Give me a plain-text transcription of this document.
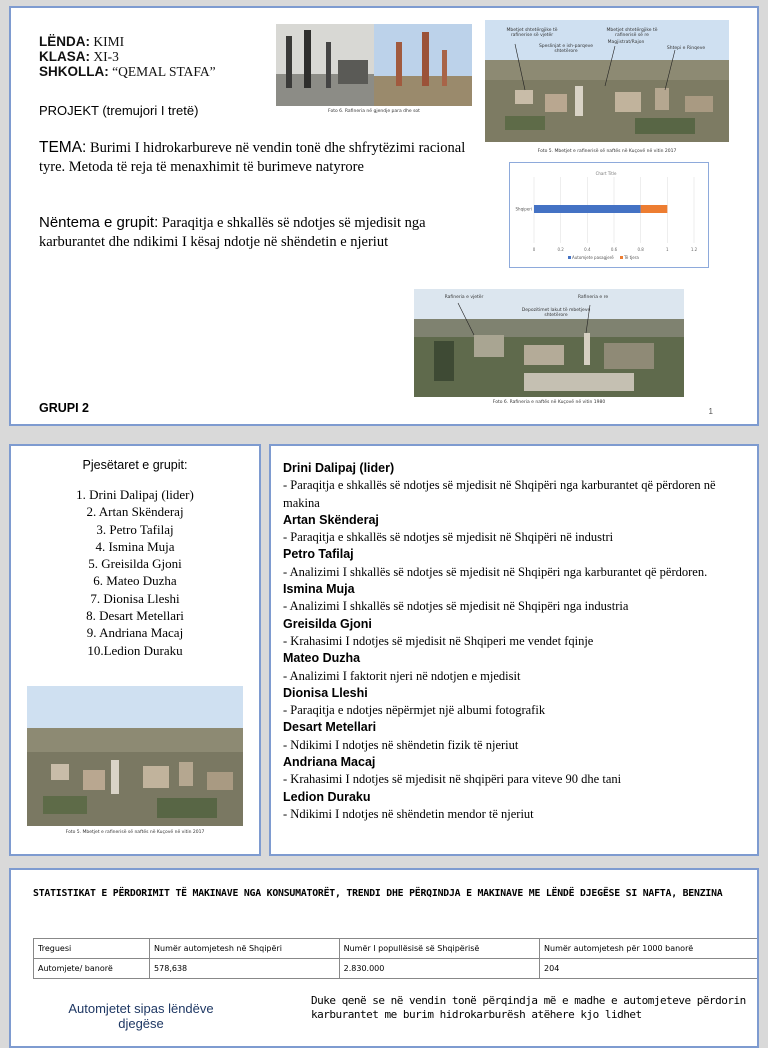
LËNDA: KIMI
KLASA: XI-3
SHKOLLA: “QEMAL STAFA”
PROJEKT (tremujori I tretë)
TEMA: Burimi I hidrokarbureve në vendin tonë dhe shfrytëzimi racional tyre. Metoda të reja të menaxhimit të burimeve natyrore
Nëntema e grupit: Paraqitja e shkallës së ndotjes së mjedisit nga karburantet dhe ndikimi I kësaj ndotje në shëndetin e njeriut
GRUPI 2	1
Foto 6. Rafineria në gjendje para dhe sot
Mbetjet shtetërgjike të rafinerise së vjetër
Mbetjet shtetërgjike të rafinerisë së re
Speslinjat e ish-parqeve shtetërore
Magjistrat/Rajon
Shtepi e Rinqeve
Foto 5. Mbetjet e rafinerisë së naftës në Kuçovë në vitin 2017
Chart Title
0	0.2	0.4	0.6	0.8	1	1.2
Shqiperi
Automjete pasagjerë	Të tjera
Rafineria e vjetër	Rafineria e re
Depozitimet lakut të mbetjeve shtetërore
Foto 6. Rafineria e naftës në Kuçovë në vitin 1980
Pjesëtaret e grupit:
1. Drini Dalipaj (lider)
2. Artan Skënderaj
3. Petro Tafilaj
4. Ismina Muja
5. Greisilda Gjoni
6. Mateo Duzha
7. Dionisa Lleshi
8. Desart Metellari
9. Andriana Macaj
10.Ledion Duraku
Foto 5. Mbetjet e rafinerisë së naftës në Kuçovë në vitin 2017
Drini Dalipaj (lider)
- Paraqitja e shkallës së ndotjes së mjedisit në Shqipëri nga karburantet që përdoren në makina
Artan Skënderaj
- Paraqitja e shkallës së ndotjes së mjedisit në Shqipëri në industri
Petro Tafilaj
- Analizimi I shkallës së ndotjes së mjedisit në Shqipëri nga karburantet që përdoren.
Ismina Muja
- Analizimi I shkallës së ndotjes së mjedisit në Shqipëri nga industria
Greisilda Gjoni
- Krahasimi I ndotjes së mjedisit në Shqiperi me vendet fqinje
Mateo Duzha
- Analizimi I faktorit njeri në ndotjen e mjedisit
Dionisa Lleshi
- Paraqitja e ndotjes nëpërmjet një albumi fotografik
Desart Metellari
- Ndikimi I ndotjes në shëndetin fizik të njeriut
Andriana Macaj
- Krahasimi I ndotjes së mjedisit në shqipëri para viteve 90 dhe tani
Ledion Duraku
- Ndikimi I ndotjes në shëndetin mendor të njeriut
STATISTIKAT E PËRDORIMIT TË MAKINAVE NGA KONSUMATORËT, TRENDI DHE PËRQINDJA E MAKINAVE ME LËNDË DJEGËSE SI NAFTA, BENZINA
Treguesi	Numër automjetesh në Shqipëri	Numër I popullësisë së Shqipërisë	Numër automjetesh për 1000 banorë
Automjete/ banorë	578,638	2.830.000	204
Automjetet sipas lëndëve djegëse
Duke qenë se në vendin tonë përqindja më e madhe e automjeteve përdorin karburantet me burim hidrokarburësh atëhere kjo lidhet
